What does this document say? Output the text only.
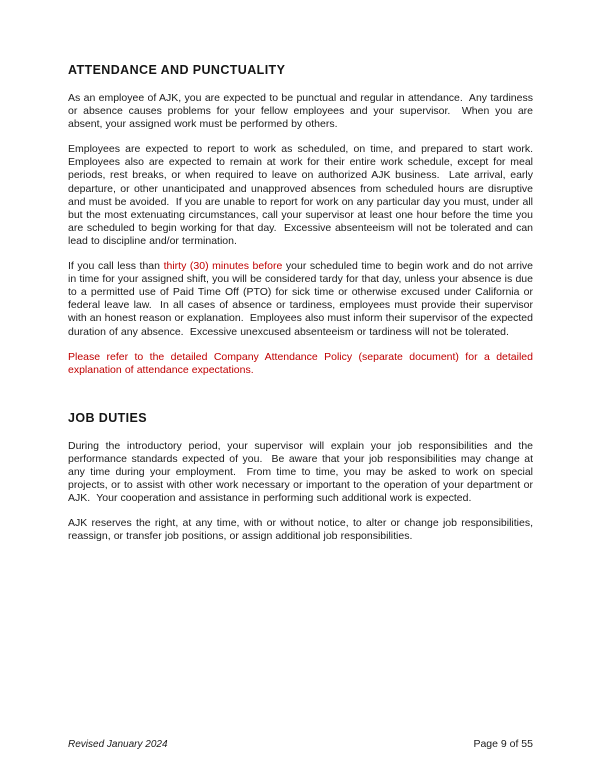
ATTENDANCE AND PUNCTUALITY

As an employee of AJK, you are expected to be punctual and regular in attendance.  Any tardiness or absence causes problems for your fellow employees and your supervisor.  When you are absent, your assigned work must be performed by others.

Employees are expected to report to work as scheduled, on time, and prepared to start work.  Employees also are expected to remain at work for their entire work schedule, except for meal periods, rest breaks, or when required to leave on authorized AJK business.  Late arrival, early departure, or other unanticipated and unapproved absences from scheduled hours are disruptive and must be avoided.  If you are unable to report for work on any particular day you must, under all but the most extenuating circumstances, call your supervisor at least one hour before the time you are scheduled to begin working for that day.  Excessive absenteeism will not be tolerated and can lead to discipline and/or termination.

If you call less than thirty (30) minutes before your scheduled time to begin work and do not arrive in time for your assigned shift, you will be considered tardy for that day, unless your absence is due to a permitted use of Paid Time Off (PTO) for sick time or otherwise excused under California or federal leave law.  In all cases of absence or tardiness, employees must provide their supervisor with an honest reason or explanation.  Employees also must inform their supervisor of the expected duration of any absence.  Excessive unexcused absenteeism or tardiness will not be tolerated.

Please refer to the detailed Company Attendance Policy (separate document) for a detailed explanation of attendance expectations.

JOB DUTIES

During the introductory period, your supervisor will explain your job responsibilities and the performance standards expected of you.  Be aware that your job responsibilities may change at any time during your employment.  From time to time, you may be asked to work on special projects, or to assist with other work necessary or important to the operation of your department or AJK.  Your cooperation and assistance in performing such additional work is expected.

AJK reserves the right, at any time, with or without notice, to alter or change job responsibilities, reassign, or transfer job positions, or assign additional job responsibilities.

Revised January 2024	Page 9 of 55
